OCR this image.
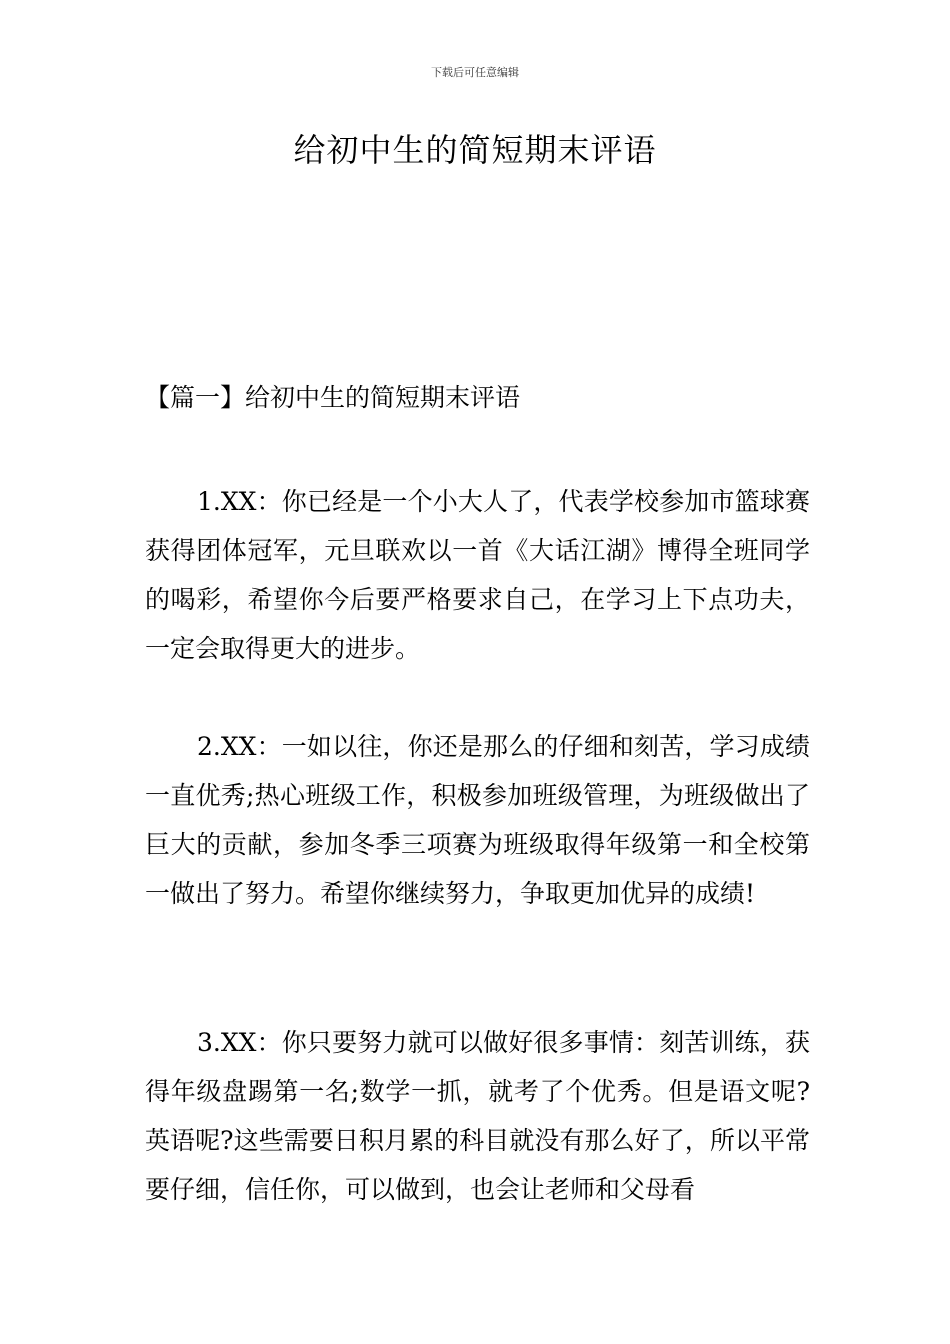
下载后可任意编辑
给初中生的简短期末评语
【篇一】给初中生的简短期末评语

1.XX：你已经是一个小大人了，代表学校参加市篮球赛获得团体冠军，元旦联欢以一首《大话江湖》博得全班同学的喝彩，希望你今后要严格要求自己，在学习上下点功夫，一定会取得更大的进步。

2.XX：一如以往，你还是那么的仔细和刻苦，学习成绩一直优秀;热心班级工作，积极参加班级管理，为班级做出了巨大的贡献，参加冬季三项赛为班级取得年级第一和全校第一做出了努力。希望你继续努力，争取更加优异的成绩!

3.XX：你只要努力就可以做好很多事情：刻苦训练，获得年级盘踢第一名;数学一抓，就考了个优秀。但是语文呢?英语呢?这些需要日积月累的科目就没有那么好了，所以平常要仔细，信任你，可以做到，也会让老师和父母看
